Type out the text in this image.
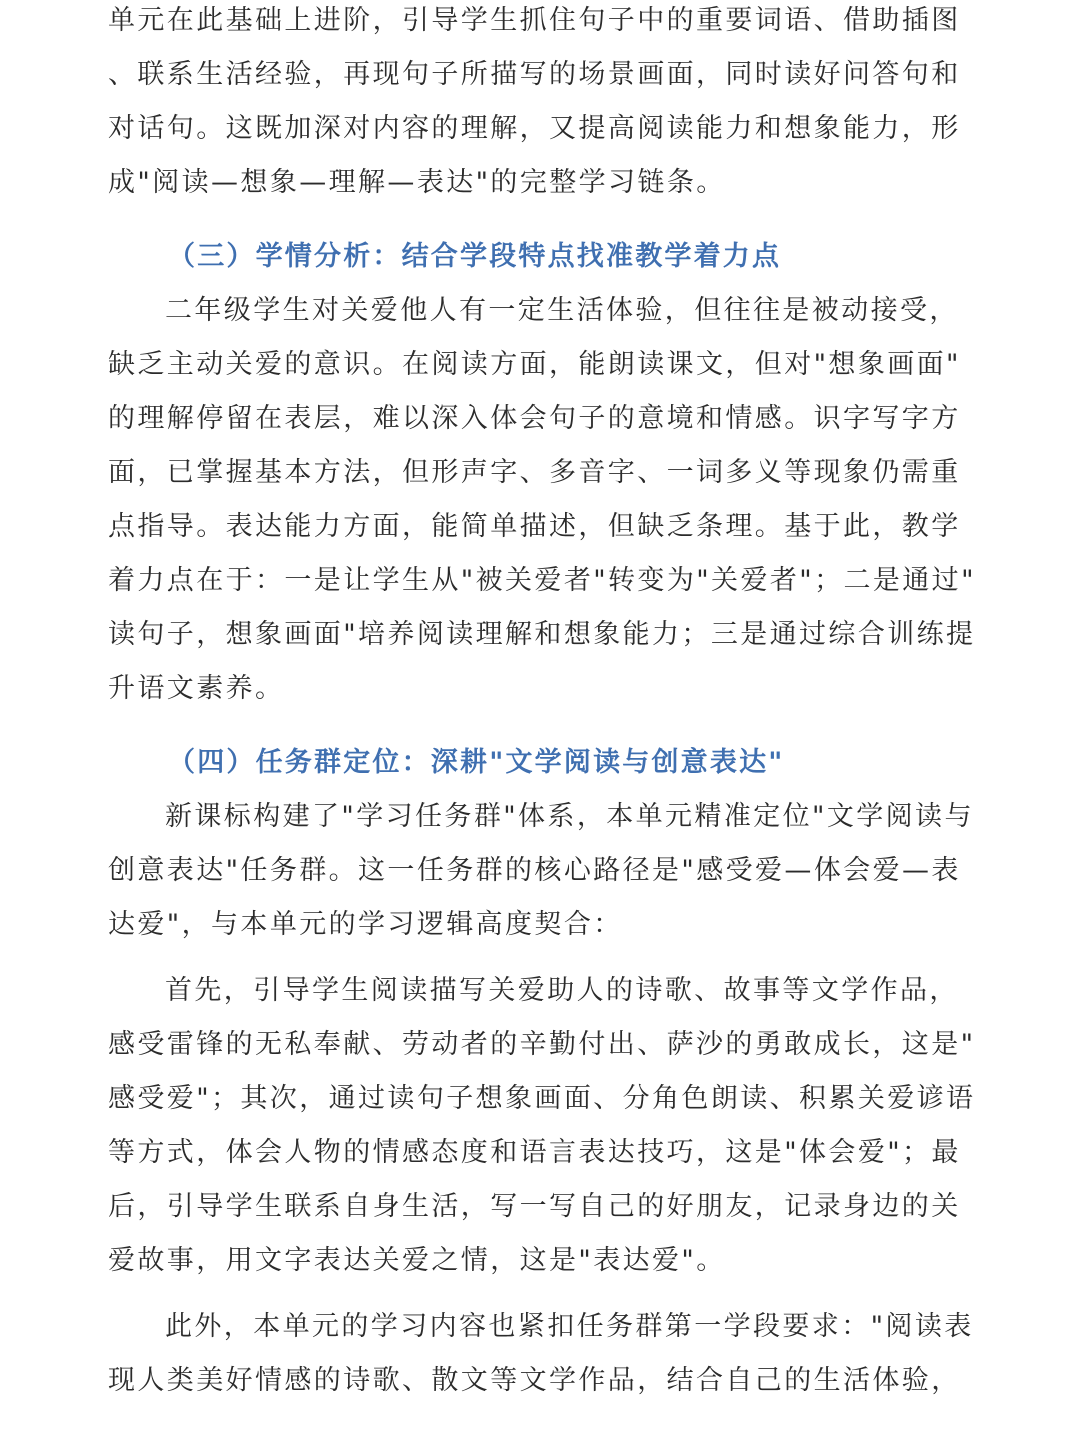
单元在此基础上进阶，引导学生抓住句子中的重要词语、借助插图
、联系生活经验，再现句子所描写的场景画面，同时读好问答句和
对话句。这既加深对内容的理解，又提高阅读能力和想象能力，形
成"阅读—想象—理解—表达"的完整学习链条。

（三）学情分析：结合学段特点找准教学着力点

二年级学生对关爱他人有一定生活体验，但往往是被动接受，
缺乏主动关爱的意识。在阅读方面，能朗读课文，但对"想象画面"
的理解停留在表层，难以深入体会句子的意境和情感。识字写字方
面，已掌握基本方法，但形声字、多音字、一词多义等现象仍需重
点指导。表达能力方面，能简单描述，但缺乏条理。基于此，教学
着力点在于：一是让学生从"被关爱者"转变为"关爱者"；二是通过"
读句子，想象画面"培养阅读理解和想象能力；三是通过综合训练提
升语文素养。

（四）任务群定位：深耕"文学阅读与创意表达"

新课标构建了"学习任务群"体系，本单元精准定位"文学阅读与
创意表达"任务群。这一任务群的核心路径是"感受爱—体会爱—表
达爱"，与本单元的学习逻辑高度契合：

首先，引导学生阅读描写关爱助人的诗歌、故事等文学作品，
感受雷锋的无私奉献、劳动者的辛勤付出、萨沙的勇敢成长，这是"
感受爱"；其次，通过读句子想象画面、分角色朗读、积累关爱谚语
等方式，体会人物的情感态度和语言表达技巧，这是"体会爱"；最
后，引导学生联系自身生活，写一写自己的好朋友，记录身边的关
爱故事，用文字表达关爱之情，这是"表达爱"。

此外，本单元的学习内容也紧扣任务群第一学段要求："阅读表
现人类美好情感的诗歌、散文等文学作品，结合自己的生活体验，
